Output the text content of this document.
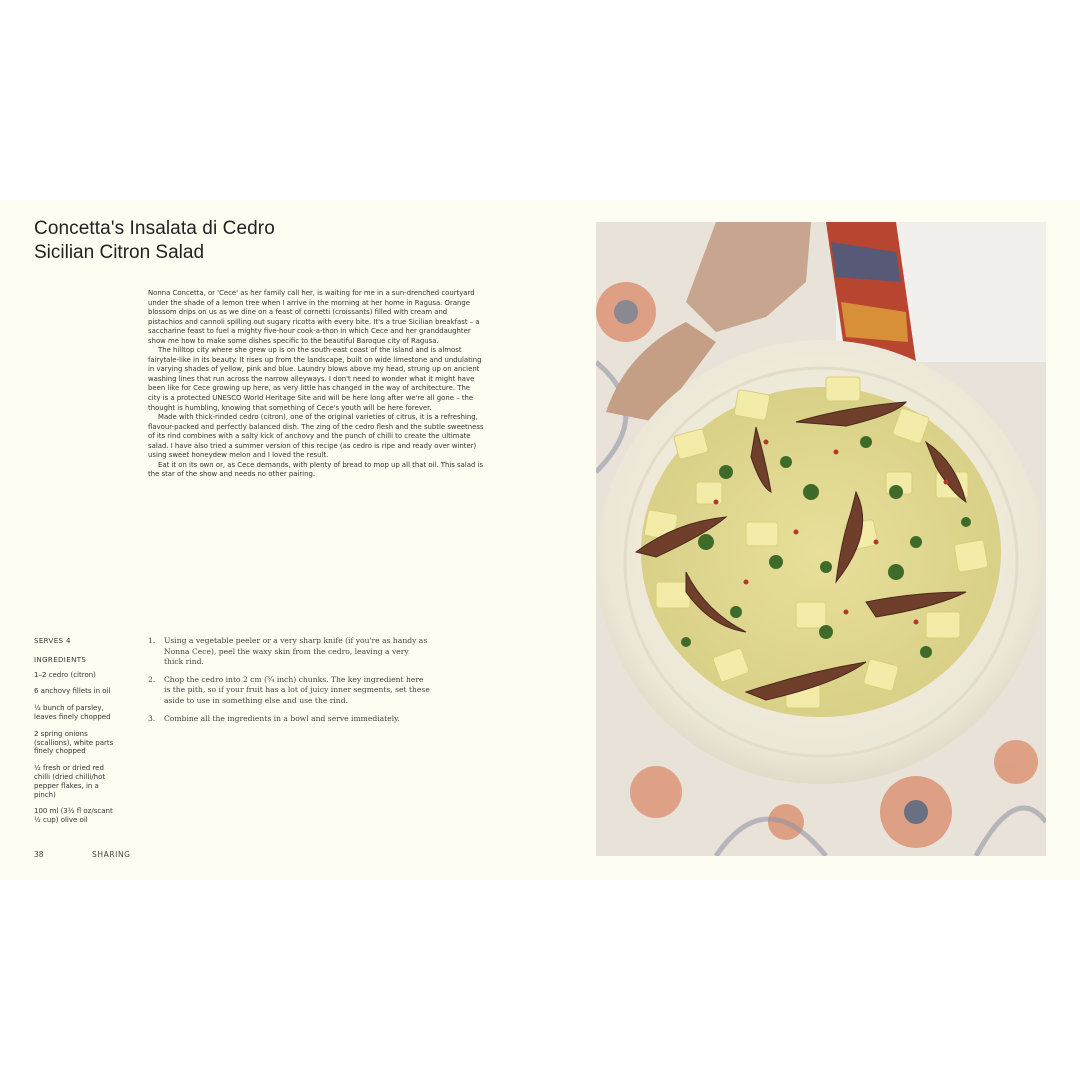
Concetta's Insalata di Cedro
Sicilian Citron Salad

Nonna Concetta, or 'Cece' as her family call her, is waiting for me in a sun-drenched courtyard under the shade of a lemon tree when I arrive in the morning at her home in Ragusa. Orange blossom drips on us as we dine on a feast of cornetti (croissants) filled with cream and pistachios and cannoli spilling out sugary ricotta with every bite. It's a true Sicilian breakfast – a saccharine feast to fuel a mighty five-hour cook-a-thon in which Cece and her granddaughter show me how to make some dishes specific to the beautiful Baroque city of Ragusa.

The hilltop city where she grew up is on the south-east coast of the island and is almost fairytale-like in its beauty. It rises up from the landscape, built on wide limestone and undulating in varying shades of yellow, pink and blue. Laundry blows above my head, strung up on ancient washing lines that run across the narrow alleyways. I don't need to wonder what it might have been like for Cece growing up here, as very little has changed in the way of architecture. The city is a protected UNESCO World Heritage Site and will be here long after we're all gone – the thought is humbling, knowing that something of Cece's youth will be here forever.

Made with thick-rinded cedro (citron), one of the original varieties of citrus, it is a refreshing, flavour-packed and perfectly balanced dish. The zing of the cedro flesh and the subtle sweetness of its rind combines with a salty kick of anchovy and the punch of chilli to create the ultimate salad. I have also tried a summer version of this recipe (as cedro is ripe and ready over winter) using sweet honeydew melon and I loved the result.

Eat it on its own or, as Cece demands, with plenty of bread to mop up all that oil. This salad is the star of the show and needs no other pairing.

SERVES 4
INGREDIENTS
1–2 cedro (citron)
6 anchovy fillets in oil
½ bunch of parsley, leaves finely chopped
2 spring onions (scallions), white parts finely chopped
½ fresh or dried red chilli (dried chilli/hot pepper flakes, in a pinch)
100 ml (3½ fl oz/scant ½ cup) olive oil
1. Using a vegetable peeler or a very sharp knife (if you're as handy as Nonna Cece), peel the waxy skin from the cedro, leaving a very thick rind.
2. Chop the cedro into 2 cm (¾ inch) chunks. The key ingredient here is the pith, so if your fruit has a lot of juicy inner segments, set these aside to use in something else and use the rind.
3. Combine all the ingredients in a bowl and serve immediately.
38	SHARING
